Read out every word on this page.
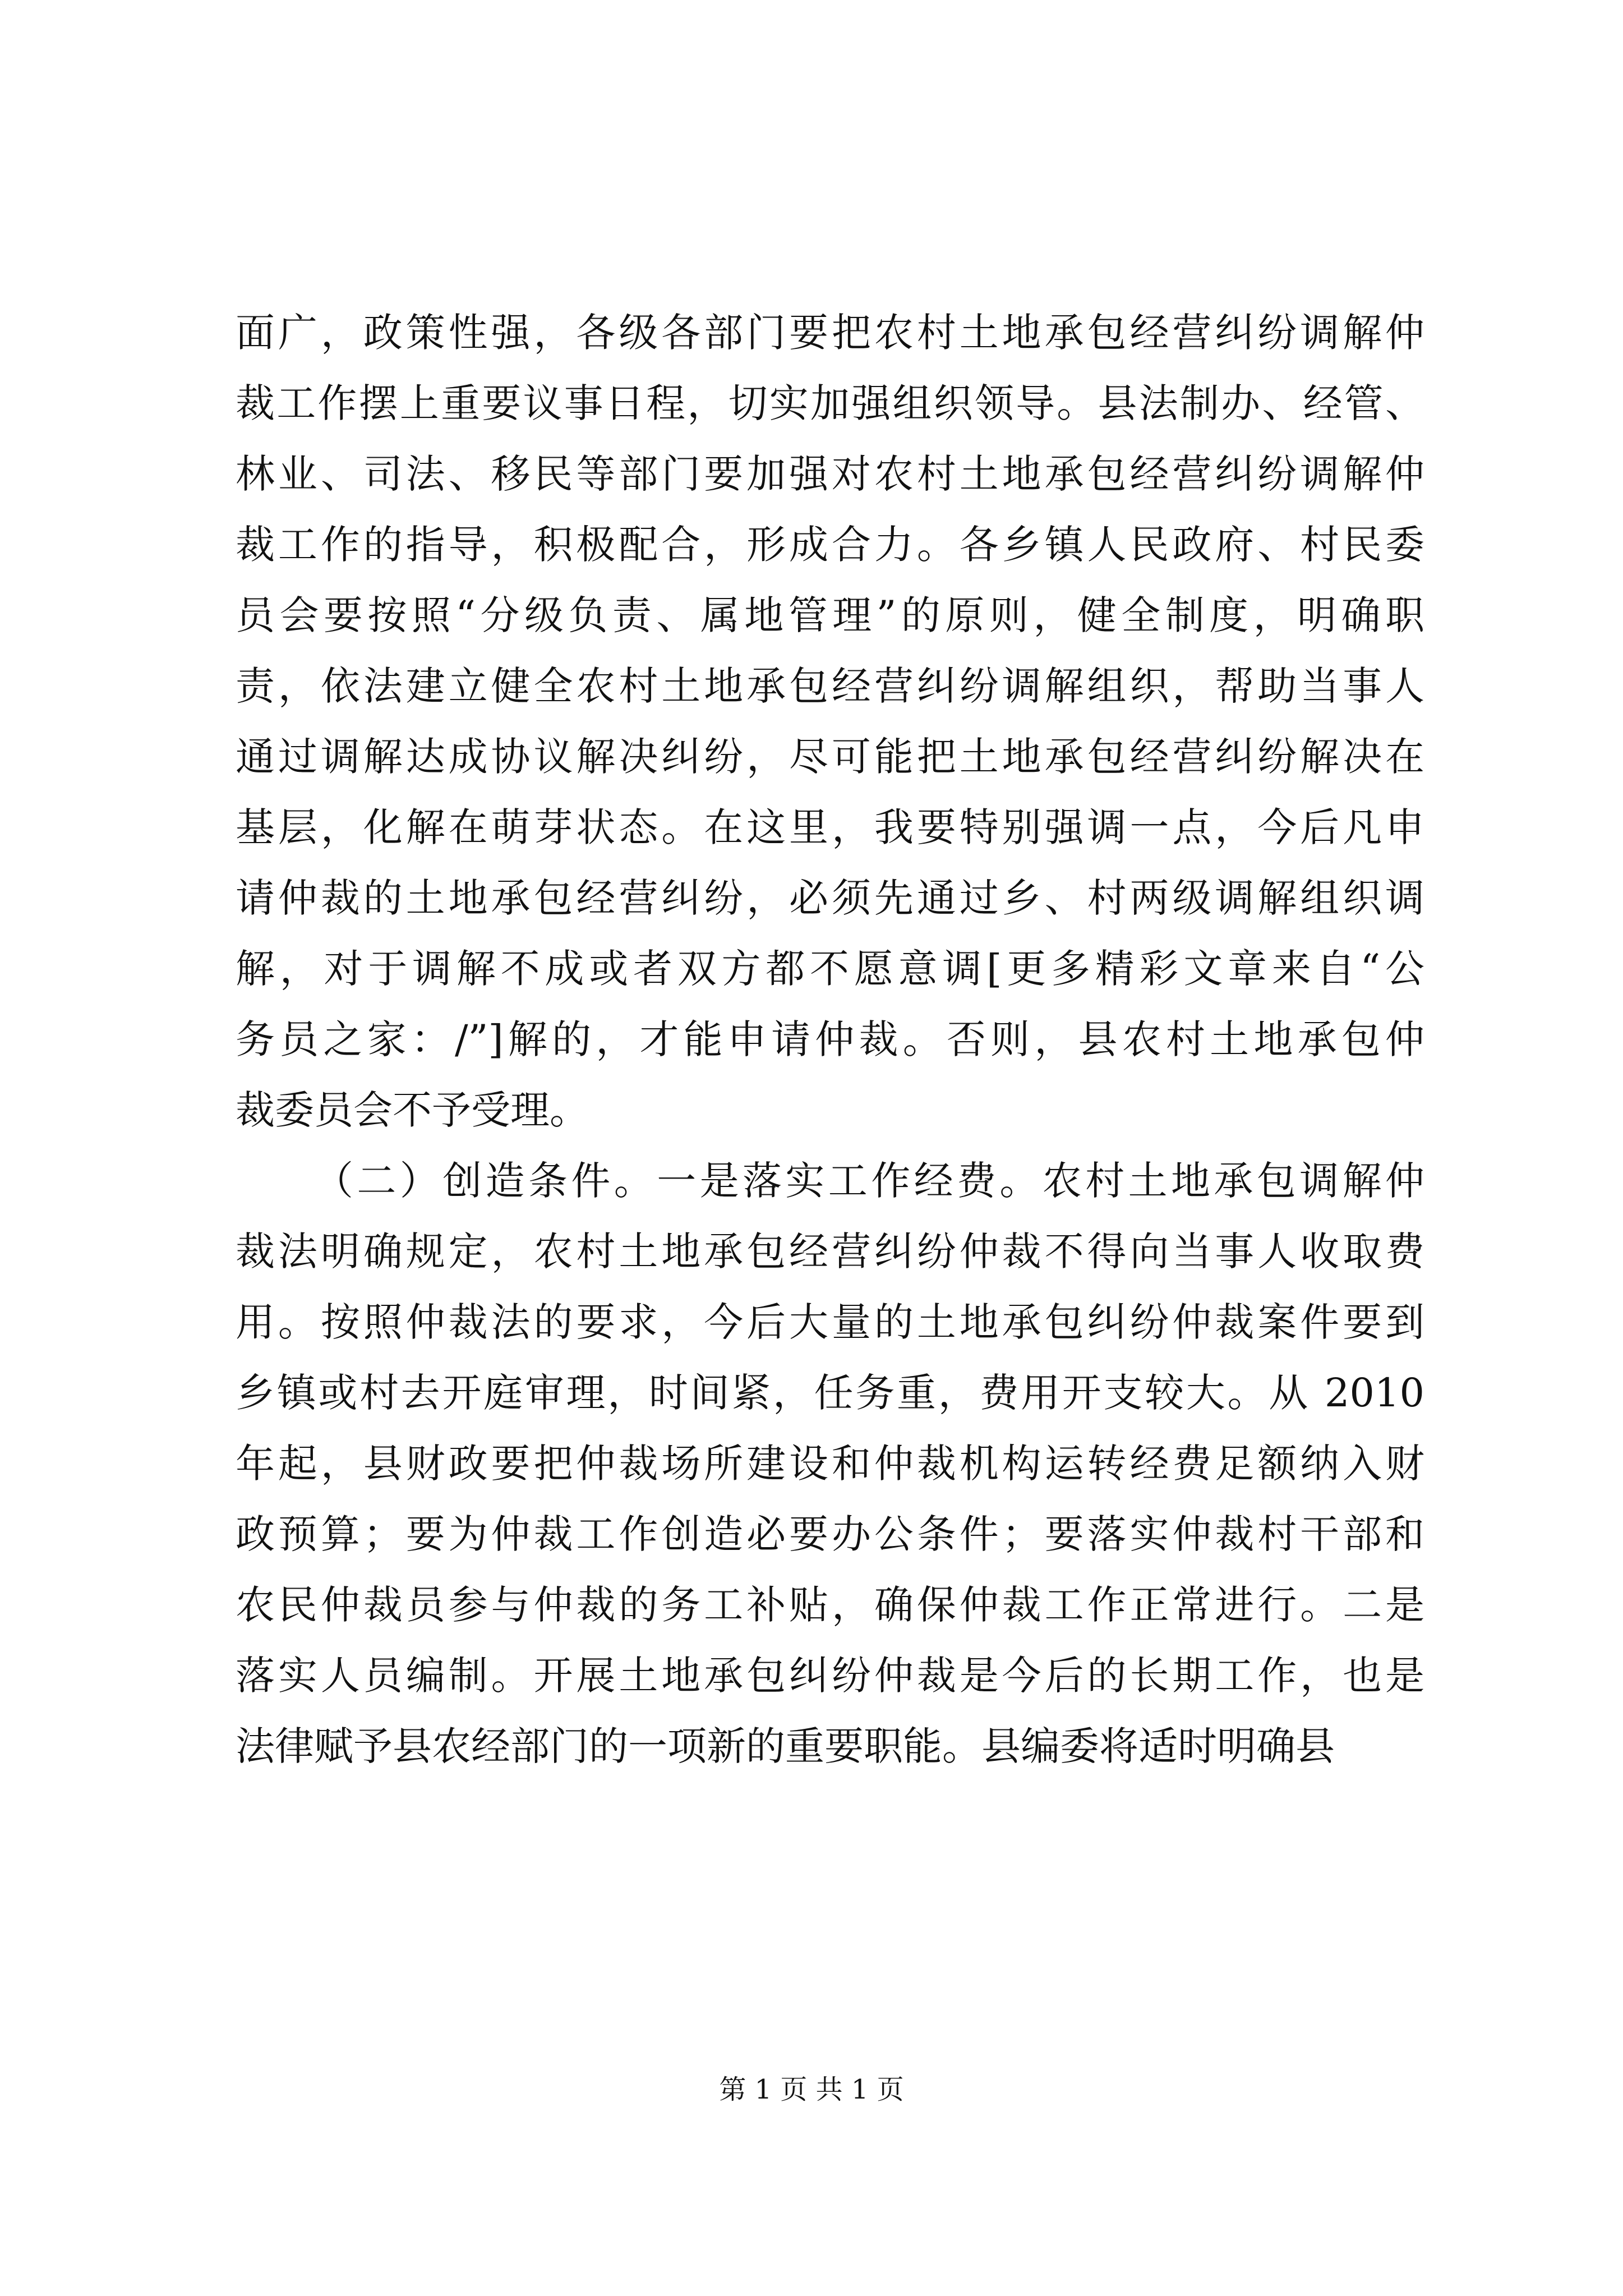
面广，政策性强，各级各部门要把农村土地承包经营纠纷调解仲
裁工作摆上重要议事日程，切实加强组织领导。县法制办、经管、
林业、司法、移民等部门要加强对农村土地承包经营纠纷调解仲
裁工作的指导，积极配合，形成合力。各乡镇人民政府、村民委
员会要按照“分级负责、属地管理”的原则，健全制度，明确职
责，依法建立健全农村土地承包经营纠纷调解组织，帮助当事人
通过调解达成协议解决纠纷，尽可能把土地承包经营纠纷解决在
基层，化解在萌芽状态。在这里，我要特别强调一点，今后凡申
请仲裁的土地承包经营纠纷，必须先通过乡、村两级调解组织调
解，对于调解不成或者双方都不愿意调[更多精彩文章来自“公
务员之家：/”]解的，才能申请仲裁。否则，县农村土地承包仲
裁委员会不予受理。
（二）创造条件。一是落实工作经费。农村土地承包调解仲
裁法明确规定，农村土地承包经营纠纷仲裁不得向当事人收取费
用。按照仲裁法的要求，今后大量的土地承包纠纷仲裁案件要到
乡镇或村去开庭审理，时间紧，任务重，费用开支较大。从 2010
年起，县财政要把仲裁场所建设和仲裁机构运转经费足额纳入财
政预算；要为仲裁工作创造必要办公条件；要落实仲裁村干部和
农民仲裁员参与仲裁的务工补贴，确保仲裁工作正常进行。二是
落实人员编制。开展土地承包纠纷仲裁是今后的长期工作，也是
法律赋予县农经部门的一项新的重要职能。县编委将适时明确县
第 1 页 共 1 页
